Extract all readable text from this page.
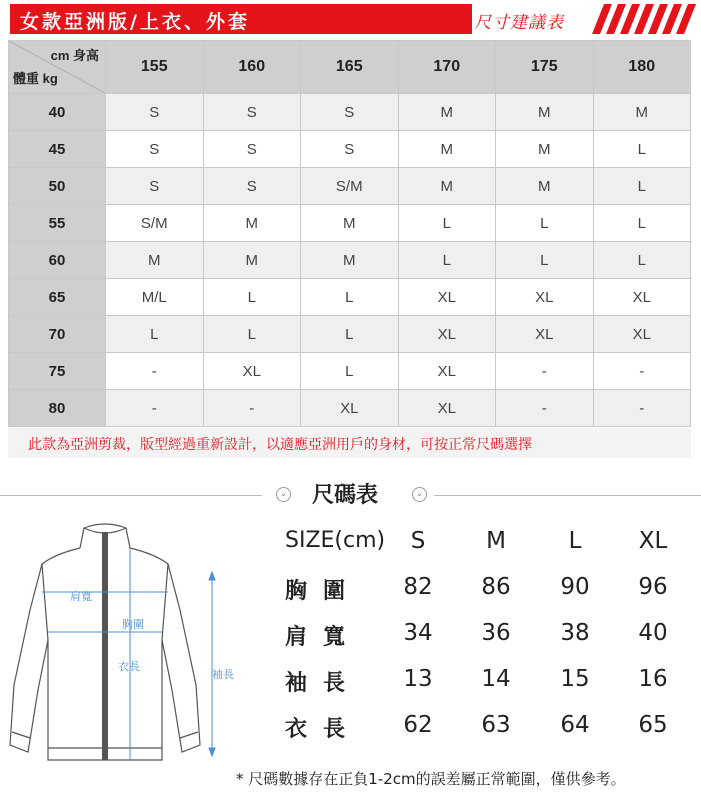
女款亞洲版/上衣、外套	尺寸建議表
cm 身高
體重 kg	155	160	165	170	175	180
40	S	S	S	M	M	M
45	S	S	S	M	M	L
50	S	S	S/M	M	M	L
55	S/M	M	M	L	L	L
60	M	M	M	L	L	L
65	M/L	L	L	XL	XL	XL
70	L	L	L	XL	XL	XL
75	-	XL	L	XL	-	-
80	-	-	XL	XL	-	-
此款為亞洲剪裁，版型經過重新設計，以適應亞洲用戶的身材，可按正常尺碼選擇
⌄ 尺碼表	⌄
肩寬
胸圍
衣長
袖長
SIZE(cm)	S	M	L	XL
胸圍	82	86	90	96
肩寬	34	36	38	40
袖長	13	14	15	16
衣長	62	63	64	65
* 尺碼數據存在正負1-2cm的誤差屬正常範圍，僅供參考。
